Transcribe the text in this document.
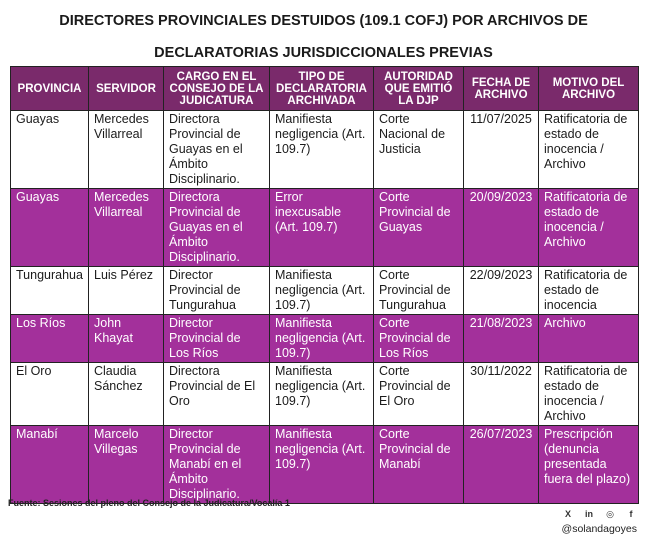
DIRECTORES PROVINCIALES DESTUIDOS (109.1 COFJ) POR ARCHIVOS DE
DECLARATORIAS JURISDICCIONALES PREVIAS
PROVINCIA	SERVIDOR	CARGO EN EL CONSEJO DE LA JUDICATURA	TIPO DE DECLARATORIA ARCHIVADA	AUTORIDAD QUE EMITIÓ LA DJP	FECHA DE ARCHIVO	MOTIVO DEL ARCHIVO
Guayas	Mercedes Villarreal	Directora Provincial de Guayas en el Ámbito Disciplinario.	Manifiesta negligencia (Art. 109.7)	Corte Nacional de Justicia	11/07/2025	Ratificatoria de estado de inocencia / Archivo
Guayas	Mercedes Villarreal	Directora Provincial de Guayas en el Ámbito Disciplinario.	Error inexcusable (Art. 109.7)	Corte Provincial de Guayas	20/09/2023	Ratificatoria de estado de inocencia / Archivo
Tungurahua	Luis Pérez	Director Provincial de Tungurahua	Manifiesta negligencia (Art. 109.7)	Corte Provincial de Tungurahua	22/09/2023	Ratificatoria de estado de inocencia
Los Ríos	John Khayat	Director Provincial de Los Ríos	Manifiesta negligencia (Art. 109.7)	Corte Provincial de Los Ríos	21/08/2023	Archivo
El Oro	Claudia Sánchez	Directora Provincial de El Oro	Manifiesta negligencia (Art. 109.7)	Corte Provincial de El Oro	30/11/2022	Ratificatoria de estado de inocencia / Archivo
Manabí	Marcelo Villegas	Director Provincial de Manabí en el Ámbito Disciplinario.	Manifiesta negligencia (Art. 109.7)	Corte Provincial de Manabí	26/07/2023	Prescripción (denuncia presentada fuera del plazo)
Fuente: Sesiones del pleno del Consejo de la Judicatura/Vocalía 1
X	in ◎	f
@solandagoyes
